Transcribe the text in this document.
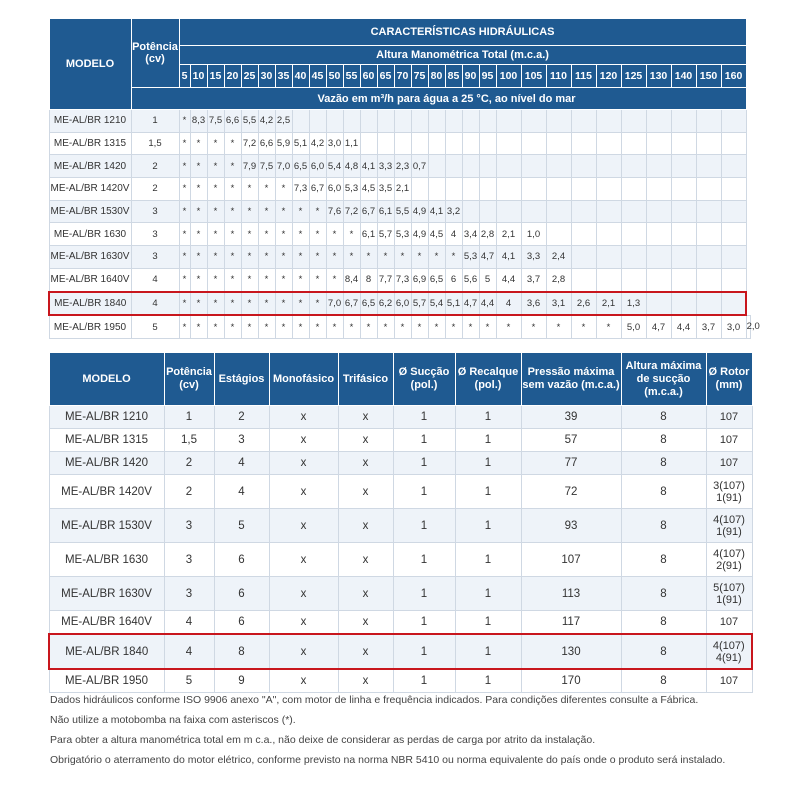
MODELO	Potência (cv)	CARACTERÍSTICAS HIDRÁULICAS																													
		Altura Manométrica Total (m.c.a.)																													
		5	10	15	20	25	30	35	40	45	50	55	60	65	70	75	80	85	90	95	100	105	110	115	120	125	130	140	150	160	
	Vazão em m³/h para água a 25 °C, ao nível do mar																														
ME-AL/BR 1210	1	*	8,3	7,5	6,6	5,5	4,2	2,5																							
ME-AL/BR 1315	1,5	*	*	*	*	7,2	6,6	5,9	5,1	4,2	3,0	1,1																			
ME-AL/BR 1420	2	*	*	*	*	7,9	7,5	7,0	6,5	6,0	5,4	4,8	4,1	3,3	2,3	0,7															
ME-AL/BR 1420V	2	*	*	*	*	*	*	*	7,3	6,7	6,0	5,3	4,5	3,5	2,1																
ME-AL/BR 1530V	3	*	*	*	*	*	*	*	*	*	7,6	7,2	6,7	6,1	5,5	4,9	4,1	3,2													
ME-AL/BR 1630	3	*	*	*	*	*	*	*	*	*	*	*	6,1	5,7	5,3	4,9	4,5	4	3,4	2,8	2,1	1,0									
ME-AL/BR 1630V	3	*	*	*	*	*	*	*	*	*	*	*	*	*	*	*	*	*	5,3	4,7	4,1	3,3	2,4								
ME-AL/BR 1640V	4	*	*	*	*	*	*	*	*	*	*	8,4	8	7,7	7,3	6,9	6,5	6	5,6	5	4,4	3,7	2,8								
ME-AL/BR 1840	4	*	*	*	*	*	*	*	*	*	7,0	6,7	6,5	6,2	6,0	5,7	5,4	5,1	4,7	4,4	4	3,6	3,1	2,6	2,1	1,3					
ME-AL/BR 1950	5	*	*	*	*	*	*	*	*	*	*	*	*	*	*	*	*	*	*	*	*	*	*	*	*	5,0	4,7	4,4	3,7	3,0	2,0
MODELO	Potência (cv)	Estágios	Monofásico	Trifásico	Ø Sucção (pol.)	Ø Recalque (pol.)	Pressão máxima sem vazão (m.c.a.)	Altura máxima de sucção (m.c.a.)	Ø Rotor (mm)
ME-AL/BR 1210	1	2	x	x	1	1	39	8	107

ME-AL/BR 1315	1,5	3	x	x	1	1	57	8	107

ME-AL/BR 1420	2	4	x	x	1	1	77	8	107

ME-AL/BR 1420V	2	4	x	x	1	1	72	8	3(107)
1(91)

ME-AL/BR 1530V	3	5	x	x	1	1	93	8	4(107)
1(91)

ME-AL/BR 1630	3	6	x	x	1	1	107	8	4(107)
2(91)

ME-AL/BR 1630V	3	6	x	x	1	1	113	8	5(107)
1(91)

ME-AL/BR 1640V	4	6	x	x	1	1	117	8	107

ME-AL/BR 1840	4	8	x	x	1	1	130	8	4(107)
4(91)

ME-AL/BR 1950	5	9	x	x	1	1	170	8	107

Dados hidráulicos conforme ISO 9906 anexo "A", com motor de linha e frequência indicados. Para condições diferentes consulte a Fábrica.

Não utilize a motobomba na faixa com asteriscos (*).

Para obter a altura manométrica total em m c.a., não deixe de considerar as perdas de carga por atrito da instalação.

Obrigatório o aterramento do motor elétrico, conforme previsto na norma NBR 5410 ou norma equivalente do país onde o produto será instalado.
